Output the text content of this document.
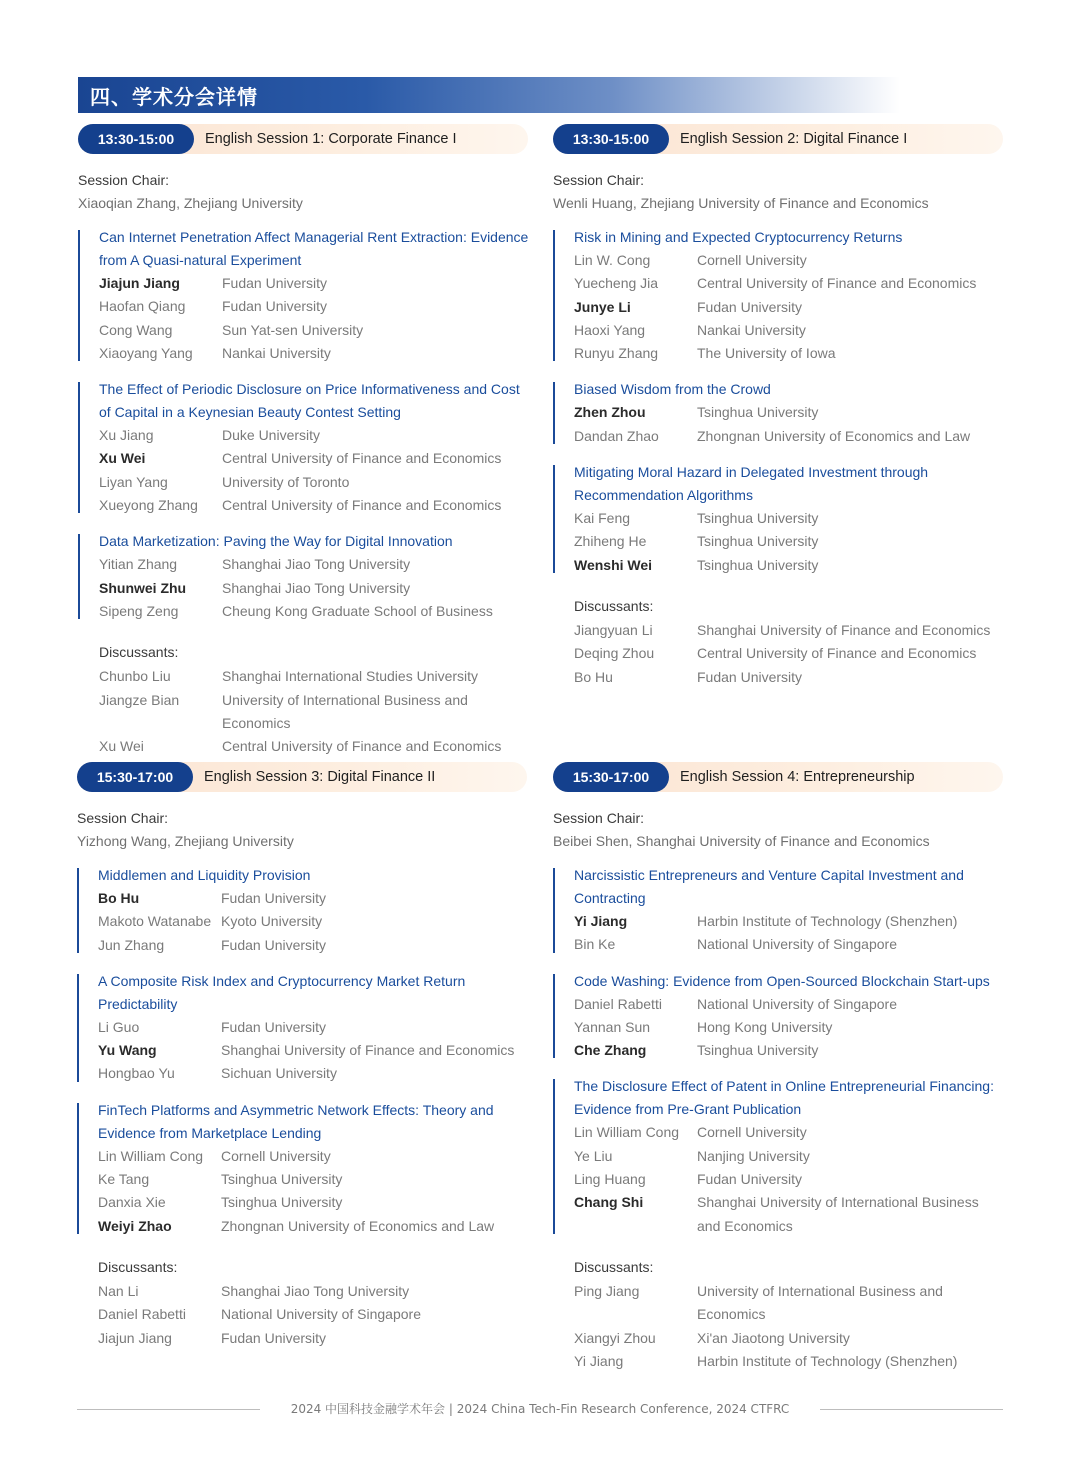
四、学术分会详情
13:30-15:00	English Session 1: Corporate Finance I
Session Chair:
Xiaoqian Zhang, Zhejiang University
Can Internet Penetration Affect Managerial Rent Extraction: Evidence from A Quasi-natural Experiment
Jiajun Jiang	Fudan University
Haofan Qiang	Fudan University
Cong Wang	Sun Yat-sen University
Xiaoyang Yang	Nankai University
The Effect of Periodic Disclosure on Price Informativeness and Cost of Capital in a Keynesian Beauty Contest Setting
Xu Jiang	Duke University
Xu Wei	Central University of Finance and Economics
Liyan Yang	University of Toronto
Xueyong Zhang	Central University of Finance and Economics
Data Marketization: Paving the Way for Digital Innovation
Yitian Zhang	Shanghai Jiao Tong University
Shunwei Zhu	Shanghai Jiao Tong University
Sipeng Zeng	Cheung Kong Graduate School of Business
Discussants:
Chunbo Liu	Shanghai International Studies University
Jiangze Bian	University of International Business and Economics
Xu Wei	Central University of Finance and Economics
13:30-15:00	English Session 2: Digital Finance I
Session Chair:
Wenli Huang, Zhejiang University of Finance and Economics
Risk in Mining and Expected Cryptocurrency Returns
Lin W. Cong	Cornell University
Yuecheng Jia	Central University of Finance and Economics
Junye Li	Fudan University
Haoxi Yang	Nankai University
Runyu Zhang	The University of Iowa
Biased Wisdom from the Crowd
Zhen Zhou	Tsinghua University
Dandan Zhao	Zhongnan University of Economics and Law
Mitigating Moral Hazard in Delegated Investment through Recommendation Algorithms
Kai Feng	Tsinghua University
Zhiheng He	Tsinghua University
Wenshi Wei	Tsinghua University
Discussants:
Jiangyuan Li	Shanghai University of Finance and Economics
Deqing Zhou	Central University of Finance and Economics
Bo Hu	Fudan University
15:30-17:00	English Session 3: Digital Finance II
Session Chair:
Yizhong Wang, Zhejiang University
Middlemen and Liquidity Provision
Bo Hu	Fudan University
Makoto Watanabe Kyoto University
Jun Zhang	Fudan University
A Composite Risk Index and Cryptocurrency Market Return Predictability
Li Guo	Fudan University
Yu Wang	Shanghai University of Finance and Economics
Hongbao Yu	Sichuan University
FinTech Platforms and Asymmetric Network Effects: Theory and Evidence from Marketplace Lending
Lin William Cong	Cornell University
Ke Tang	Tsinghua University
Danxia Xie	Tsinghua University
Weiyi Zhao	Zhongnan University of Economics and Law
Discussants:
Nan Li	Shanghai Jiao Tong University
Daniel Rabetti	National University of Singapore
Jiajun Jiang	Fudan University
15:30-17:00	English Session 4: Entrepreneurship
Session Chair:
Beibei Shen, Shanghai University of Finance and Economics
Narcissistic Entrepreneurs and Venture Capital Investment and Contracting
Yi Jiang	Harbin Institute of Technology (Shenzhen)
Bin Ke	National University of Singapore
Code Washing: Evidence from Open-Sourced Blockchain Start-ups
Daniel Rabetti	National University of Singapore
Yannan Sun	Hong Kong University
Che Zhang	Tsinghua University
The Disclosure Effect of Patent in Online Entrepreneurial Financing: Evidence from Pre-Grant Publication
Lin William Cong	Cornell University
Ye Liu	Nanjing University
Ling Huang	Fudan University
Chang Shi	Shanghai University of International Business and Economics
Discussants:
Ping Jiang	University of International Business and Economics
Xiangyi Zhou	Xi'an Jiaotong University
Yi Jiang	Harbin Institute of Technology (Shenzhen)
2024 中国科技金融学术年会 | 2024 China Tech-Fin Research Conference, 2024 CTFRC
